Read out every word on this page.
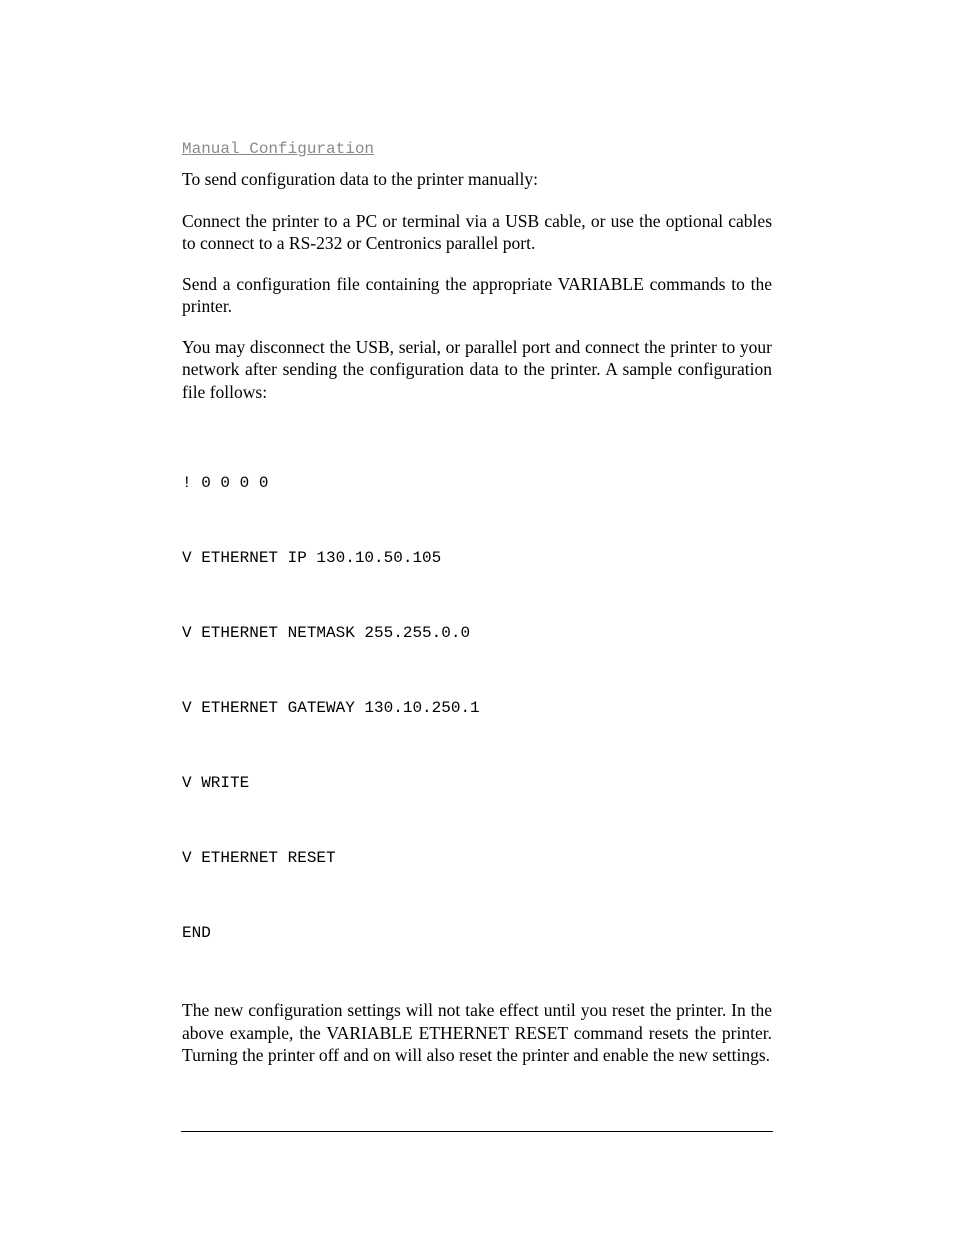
Manual Configuration

To send configuration data to the printer manually:

Connect the printer to a PC or terminal via a USB cable, or use the optional cables to connect to a RS-232 or Centronics parallel port.

Send a configuration file containing the appropriate VARIABLE commands to the printer.

You may disconnect the USB, serial, or parallel port and connect the printer to your network after sending the configuration data to the printer. A sample configuration file follows:

! 0 0 0 0

V ETHERNET IP 130.10.50.105

V ETHERNET NETMASK 255.255.0.0

V ETHERNET GATEWAY 130.10.250.1

V WRITE

V ETHERNET RESET

END

The new configuration settings will not take effect until you reset the printer. In the above example, the VARIABLE ETHERNET RESET command resets the printer. Turning the printer off and on will also reset the printer and enable the new settings.
